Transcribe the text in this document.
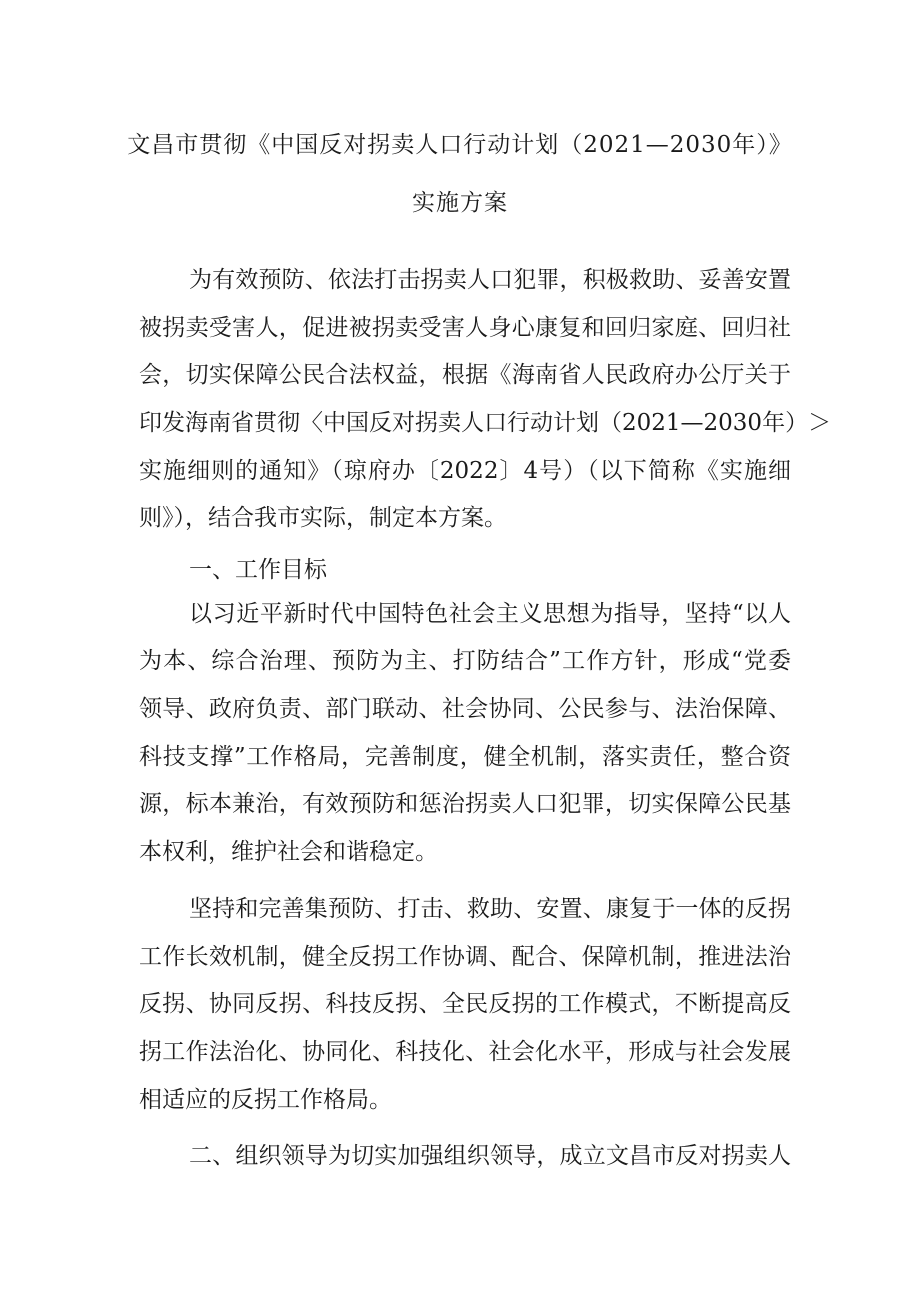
文昌市贯彻《中国反对拐卖人口行动计划（2021—2030年）》
实施方案

为有效预防、依法打击拐卖人口犯罪，积极救助、妥善安置

被拐卖受害人，促进被拐卖受害人身心康复和回归家庭、回归社

会，切实保障公民合法权益，根据《海南省人民政府办公厅关于

印发海南省贯彻〈中国反对拐卖人口行动计划（2021—2030年）＞

实施细则的通知》（琼府办〔2022〕4号）（以下简称《实施细

则》），结合我市实际，制定本方案。

一、工作目标

以习近平新时代中国特色社会主义思想为指导，坚持“以人

为本、综合治理、预防为主、打防结合”工作方针，形成“党委

领导、政府负责、部门联动、社会协同、公民参与、法治保障、

科技支撑”工作格局，完善制度，健全机制，落实责任，整合资

源，标本兼治，有效预防和惩治拐卖人口犯罪，切实保障公民基

本权利，维护社会和谐稳定。

坚持和完善集预防、打击、救助、安置、康复于一体的反拐

工作长效机制，健全反拐工作协调、配合、保障机制，推进法治

反拐、协同反拐、科技反拐、全民反拐的工作模式，不断提高反

拐工作法治化、协同化、科技化、社会化水平，形成与社会发展

相适应的反拐工作格局。

二、组织领导为切实加强组织领导，成立文昌市反对拐卖人
